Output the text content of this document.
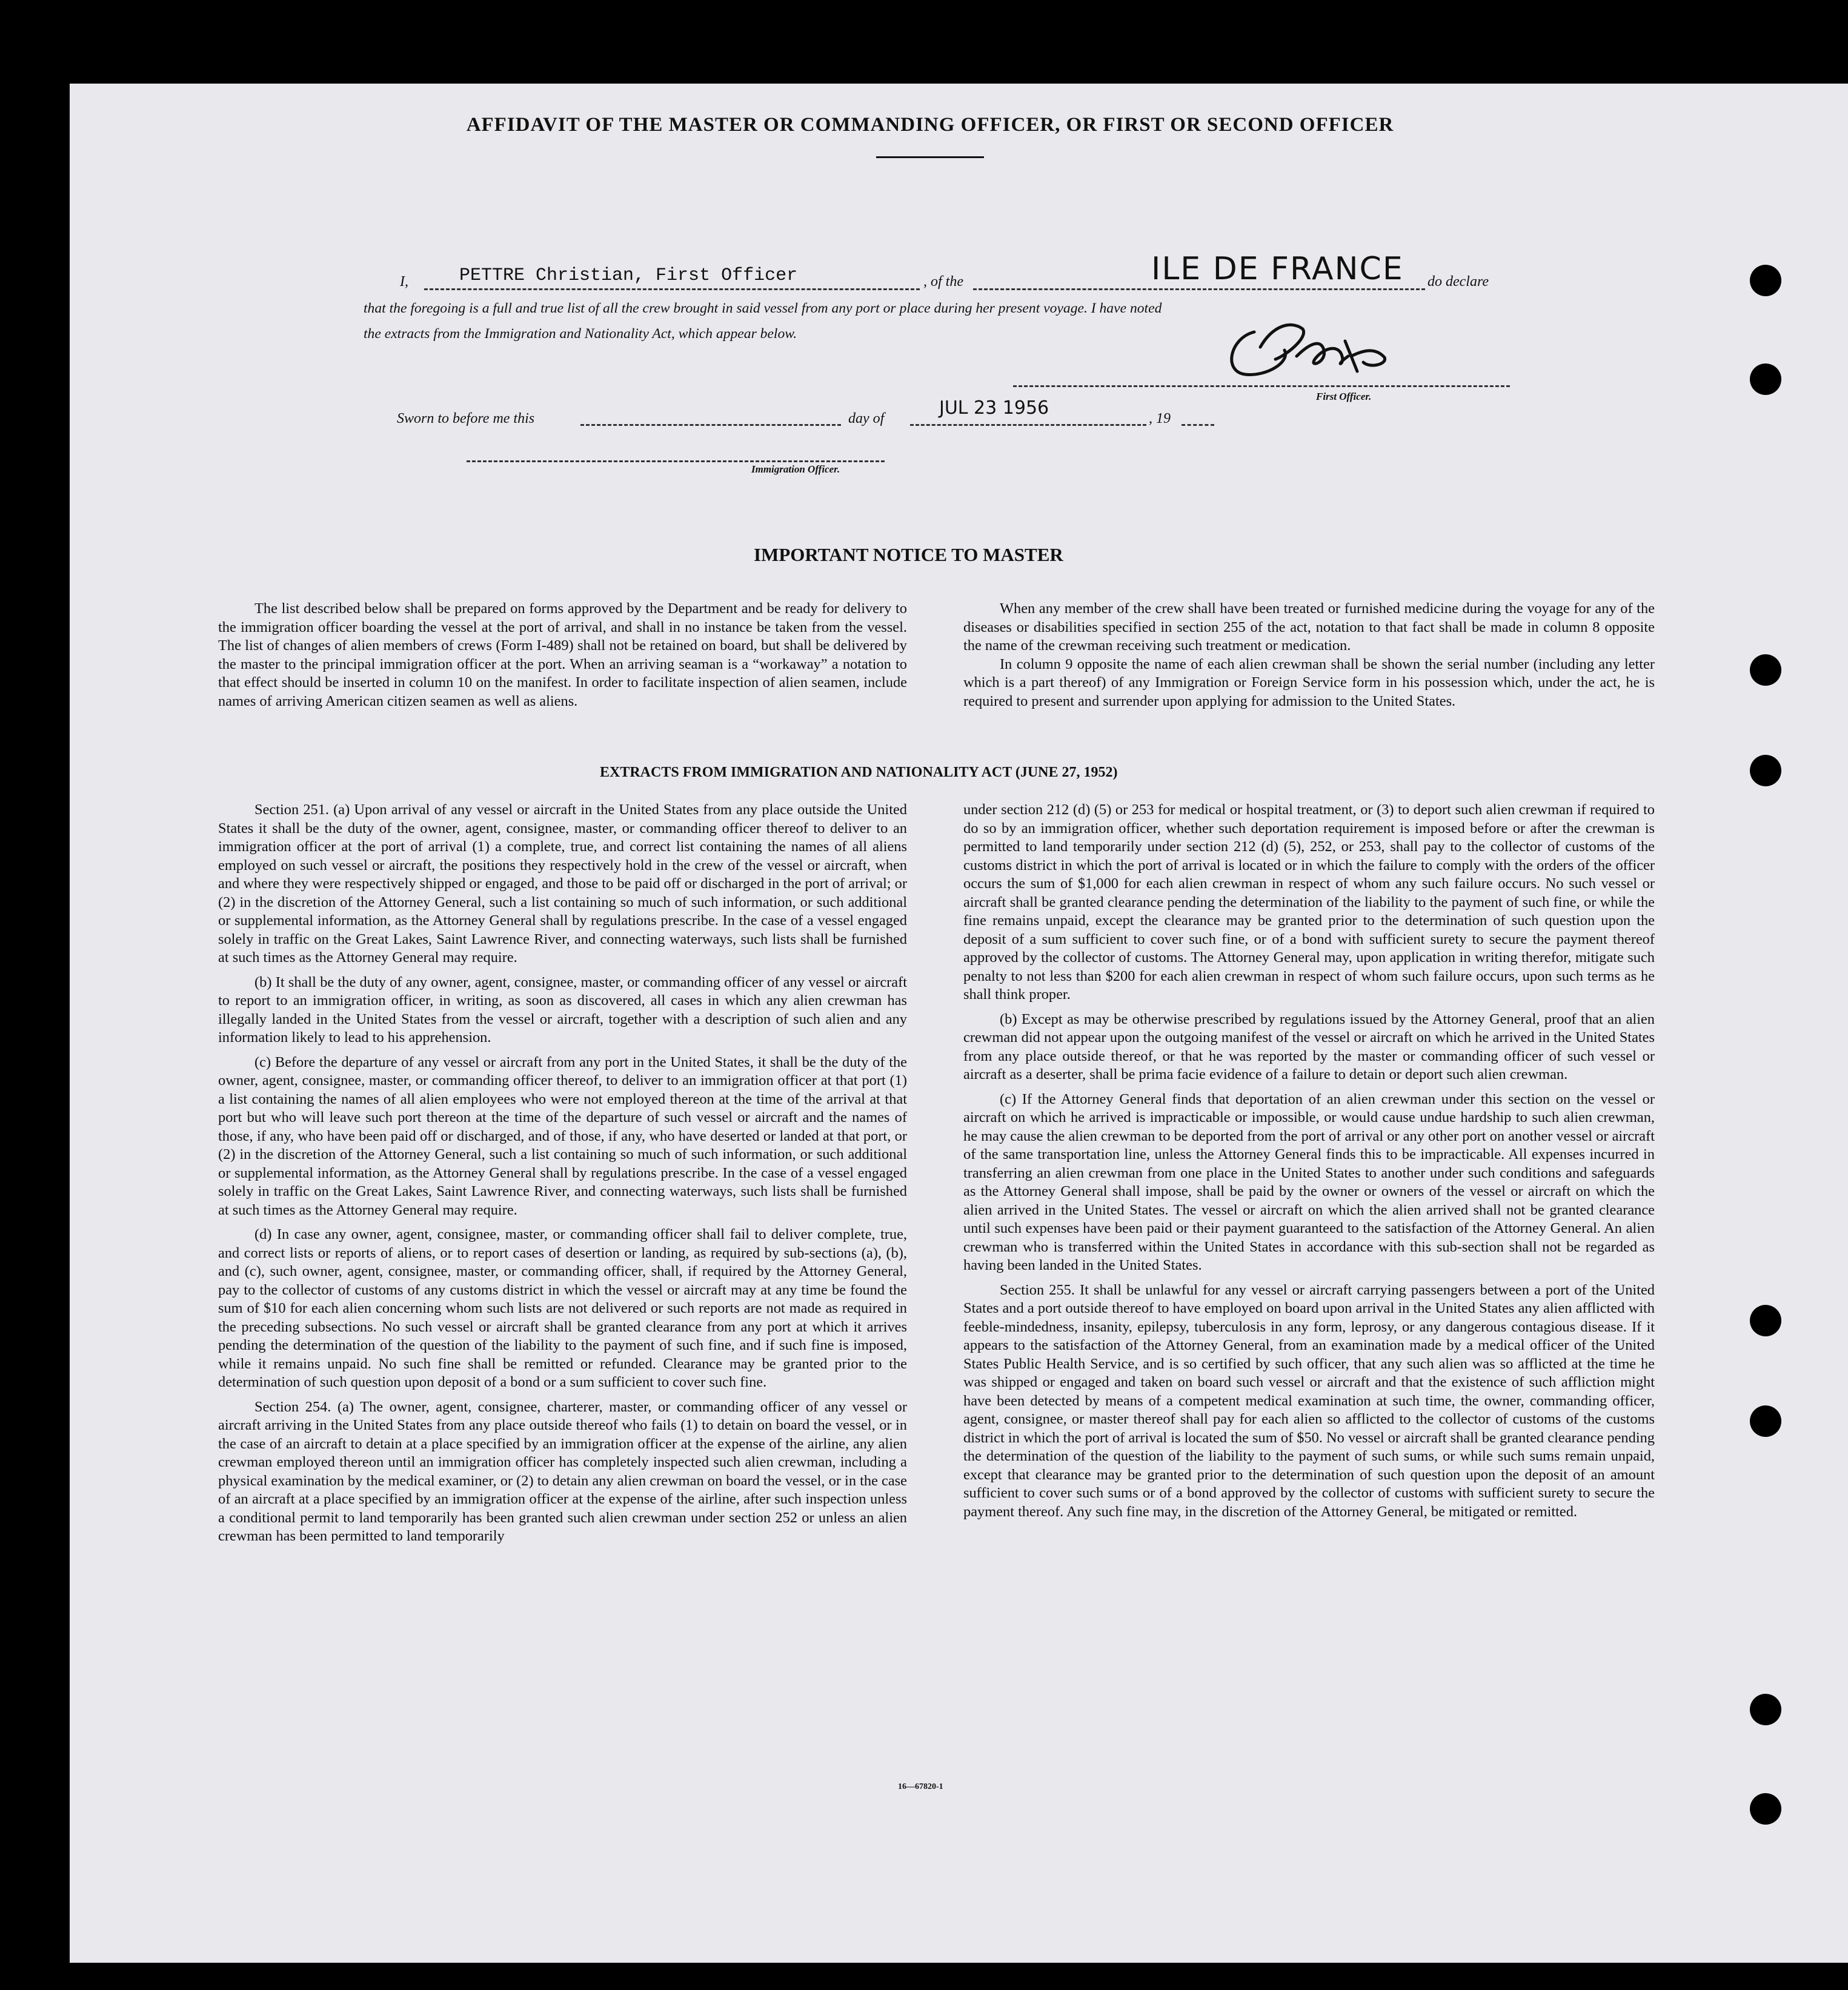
AFFIDAVIT OF THE MASTER OR COMMANDING OFFICER, OR FIRST OR SECOND OFFICER
I,	PETTRE Christian, First Officer	, of the	ILE DE FRANCE do declare
that the foregoing is a full and true list of all the crew brought in said vessel from any port or place during her present voyage. I have noted
the extracts from the Immigration and Nationality Act, which appear below.
First Officer.
Sworn to before me this	day of	JUL 23 1956	, 19
Immigration Officer.
IMPORTANT NOTICE TO MASTER

The list described below shall be prepared on forms approved by the Department and be ready for delivery to the immigration officer boarding the vessel at the port of arrival, and shall in no instance be taken from the vessel. The list of changes of alien members of crews (Form I-489) shall not be retained on board, but shall be delivered by the master to the principal immigration officer at the port. When an arriving seaman is a “workaway” a notation to that effect should be inserted in column 10 on the manifest. In order to facilitate inspection of alien seamen, include names of arriving American citizen seamen as well as aliens.

When any member of the crew shall have been treated or furnished medicine during the voyage for any of the diseases or disabilities specified in section 255 of the act, notation to that fact shall be made in column 8 opposite the name of the crewman receiving such treatment or medication.

In column 9 opposite the name of each alien crewman shall be shown the serial number (including any letter which is a part thereof) of any Immigration or Foreign Service form in his possession which, under the act, he is required to present and surrender upon applying for admission to the United States.

EXTRACTS FROM IMMIGRATION AND NATIONALITY ACT (JUNE 27, 1952)

Section 251. (a) Upon arrival of any vessel or aircraft in the United States from any place outside the United States it shall be the duty of the owner, agent, consignee, master, or commanding officer thereof to deliver to an immigration officer at the port of arrival (1) a complete, true, and correct list containing the names of all aliens employed on such vessel or aircraft, the positions they respectively hold in the crew of the vessel or aircraft, when and where they were respectively shipped or engaged, and those to be paid off or discharged in the port of arrival; or (2) in the discretion of the Attorney General, such a list containing so much of such information, or such additional or supplemental information, as the Attorney General shall by regulations prescribe. In the case of a vessel engaged solely in traffic on the Great Lakes, Saint Lawrence River, and connecting waterways, such lists shall be furnished at such times as the Attorney General may require.

(b) It shall be the duty of any owner, agent, consignee, master, or commanding officer of any vessel or aircraft to report to an immigration officer, in writing, as soon as discovered, all cases in which any alien crewman has illegally landed in the United States from the vessel or aircraft, together with a description of such alien and any information likely to lead to his apprehension.

(c) Before the departure of any vessel or aircraft from any port in the United States, it shall be the duty of the owner, agent, consignee, master, or commanding officer thereof, to deliver to an immigration officer at that port (1) a list containing the names of all alien employees who were not employed thereon at the time of the arrival at that port but who will leave such port thereon at the time of the departure of such vessel or aircraft and the names of those, if any, who have been paid off or discharged, and of those, if any, who have deserted or landed at that port, or (2) in the discretion of the Attorney General, such a list containing so much of such information, or such additional or supplemental information, as the Attorney General shall by regulations prescribe. In the case of a vessel engaged solely in traffic on the Great Lakes, Saint Lawrence River, and connecting waterways, such lists shall be furnished at such times as the Attorney General may require.

(d) In case any owner, agent, consignee, master, or commanding officer shall fail to deliver complete, true, and correct lists or reports of aliens, or to report cases of desertion or landing, as required by sub-sections (a), (b), and (c), such owner, agent, consignee, master, or commanding officer, shall, if required by the Attorney General, pay to the collector of customs of any customs district in which the vessel or aircraft may at any time be found the sum of $10 for each alien concerning whom such lists are not delivered or such reports are not made as required in the preceding subsections. No such vessel or aircraft shall be granted clearance from any port at which it arrives pending the determination of the question of the liability to the payment of such fine, and if such fine is imposed, while it remains unpaid. No such fine shall be remitted or refunded. Clearance may be granted prior to the determination of such question upon deposit of a bond or a sum sufficient to cover such fine.

Section 254. (a) The owner, agent, consignee, charterer, master, or commanding officer of any vessel or aircraft arriving in the United States from any place outside thereof who fails (1) to detain on board the vessel, or in the case of an aircraft to detain at a place specified by an immigration officer at the expense of the airline, any alien crewman employed thereon until an immigration officer has completely inspected such alien crewman, including a physical examination by the medical examiner, or (2) to detain any alien crewman on board the vessel, or in the case of an aircraft at a place specified by an immigration officer at the expense of the airline, after such inspection unless a conditional permit to land temporarily has been granted such alien crewman under section 252 or unless an alien crewman has been permitted to land temporarily

under section 212 (d) (5) or 253 for medical or hospital treatment, or (3) to deport such alien crewman if required to do so by an immigration officer, whether such deportation requirement is imposed before or after the crewman is permitted to land temporarily under section 212 (d) (5), 252, or 253, shall pay to the collector of customs of the customs district in which the port of arrival is located or in which the failure to comply with the orders of the officer occurs the sum of $1,000 for each alien crewman in respect of whom any such failure occurs. No such vessel or aircraft shall be granted clearance pending the determination of the liability to the payment of such fine, or while the fine remains unpaid, except the clearance may be granted prior to the determination of such question upon the deposit of a sum sufficient to cover such fine, or of a bond with sufficient surety to secure the payment thereof approved by the collector of customs. The Attorney General may, upon application in writing therefor, mitigate such penalty to not less than $200 for each alien crewman in respect of whom such failure occurs, upon such terms as he shall think proper.

(b) Except as may be otherwise prescribed by regulations issued by the Attorney General, proof that an alien crewman did not appear upon the outgoing manifest of the vessel or aircraft on which he arrived in the United States from any place outside thereof, or that he was reported by the master or commanding officer of such vessel or aircraft as a deserter, shall be prima facie evidence of a failure to detain or deport such alien crewman.

(c) If the Attorney General finds that deportation of an alien crewman under this section on the vessel or aircraft on which he arrived is impracticable or impossible, or would cause undue hardship to such alien crewman, he may cause the alien crewman to be deported from the port of arrival or any other port on another vessel or aircraft of the same transportation line, unless the Attorney General finds this to be impracticable. All expenses incurred in transferring an alien crewman from one place in the United States to another under such conditions and safeguards as the Attorney General shall impose, shall be paid by the owner or owners of the vessel or aircraft on which the alien arrived in the United States. The vessel or aircraft on which the alien arrived shall not be granted clearance until such expenses have been paid or their payment guaranteed to the satisfaction of the Attorney General. An alien crewman who is transferred within the United States in accordance with this sub-section shall not be regarded as having been landed in the United States.

Section 255. It shall be unlawful for any vessel or aircraft carrying passengers between a port of the United States and a port outside thereof to have employed on board upon arrival in the United States any alien afflicted with feeble-mindedness, insanity, epilepsy, tuberculosis in any form, leprosy, or any dangerous contagious disease. If it appears to the satisfaction of the Attorney General, from an examination made by a medical officer of the United States Public Health Service, and is so certified by such officer, that any such alien was so afflicted at the time he was shipped or engaged and taken on board such vessel or aircraft and that the existence of such affliction might have been detected by means of a competent medical examination at such time, the owner, commanding officer, agent, consignee, or master thereof shall pay for each alien so afflicted to the collector of customs of the customs district in which the port of arrival is located the sum of $50. No vessel or aircraft shall be granted clearance pending the determination of the question of the liability to the payment of such sums, or while such sums remain unpaid, except that clearance may be granted prior to the determination of such question upon the deposit of an amount sufficient to cover such sums or of a bond approved by the collector of customs with sufficient surety to secure the payment thereof. Any such fine may, in the discretion of the Attorney General, be mitigated or remitted.

16—67820-1
